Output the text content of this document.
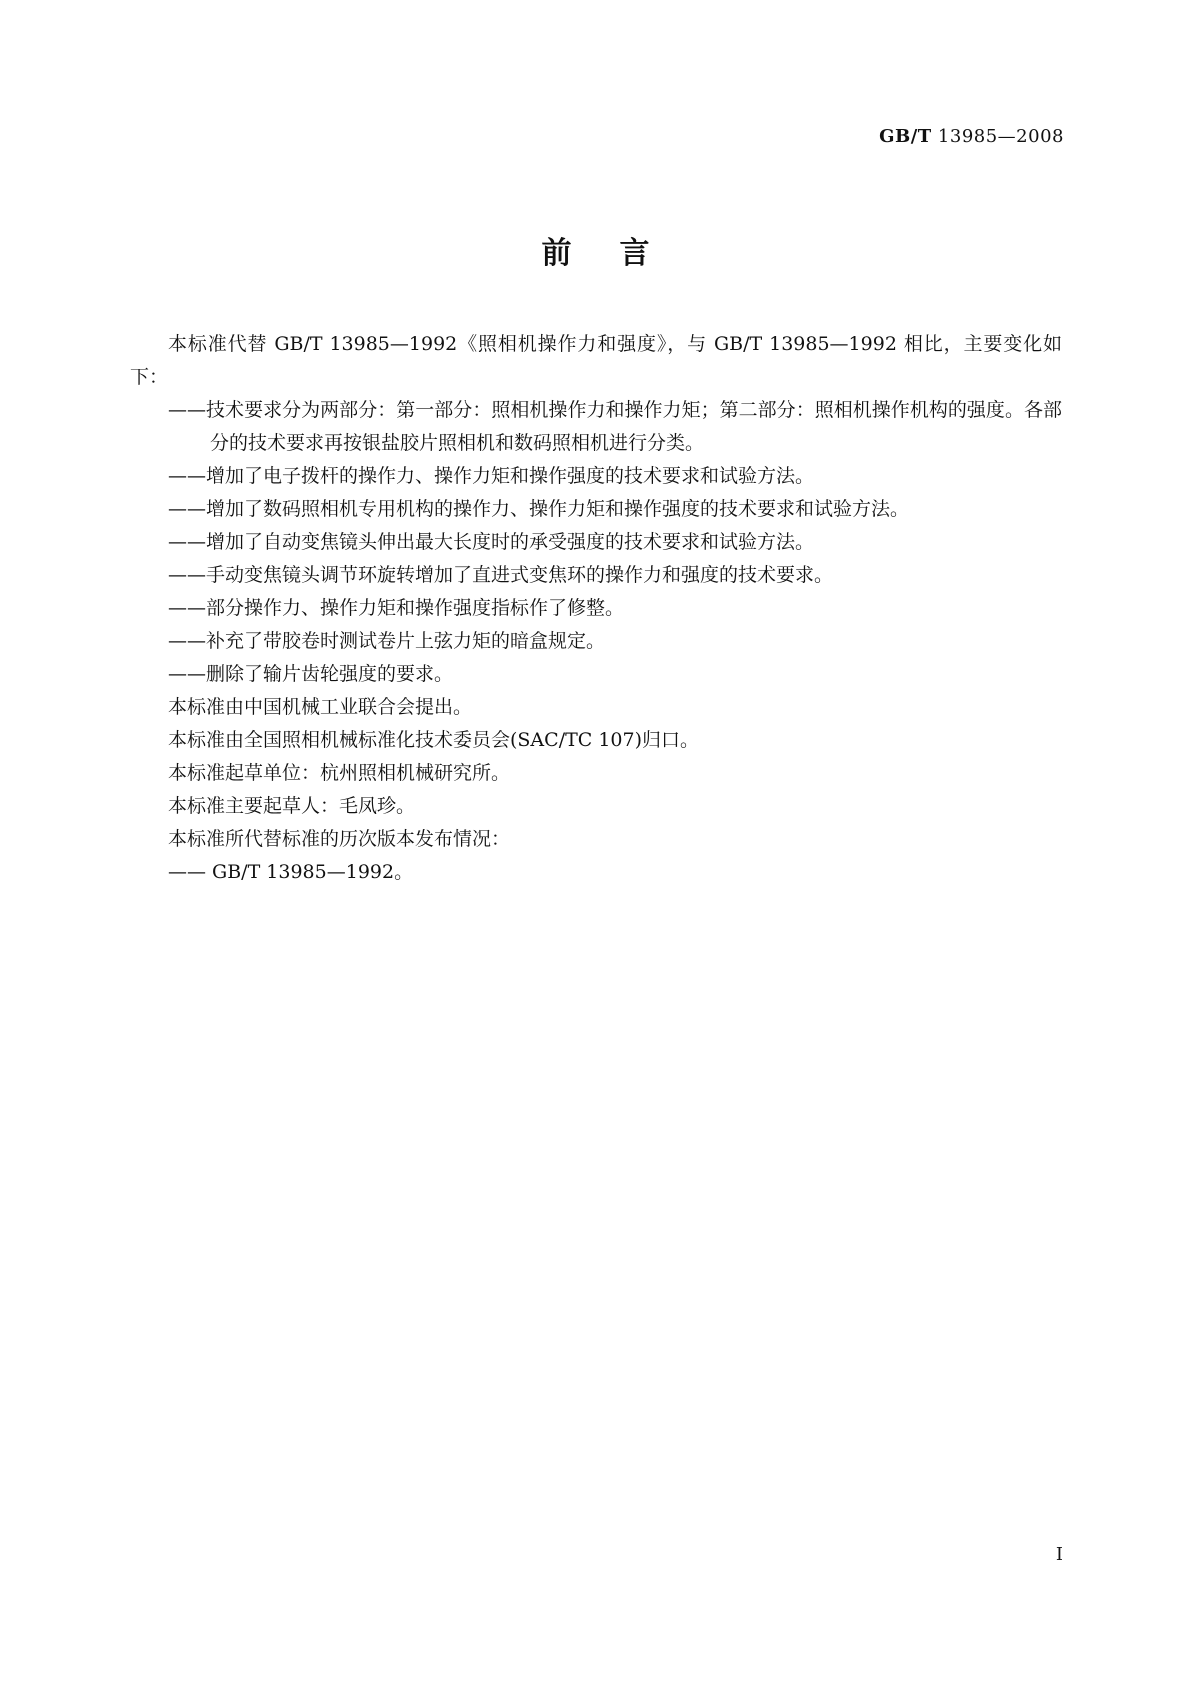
GB/T 13985—2008
前言

本标准代替 GB/T 13985—1992《照相机操作力和强度》，与 GB/T 13985—1992 相比，主要变化如下：

——技术要求分为两部分：第一部分：照相机操作力和操作力矩；第二部分：照相机操作机构的强度。各部分的技术要求再按银盐胶片照相机和数码照相机进行分类。

——增加了电子拨杆的操作力、操作力矩和操作强度的技术要求和试验方法。

——增加了数码照相机专用机构的操作力、操作力矩和操作强度的技术要求和试验方法。

——增加了自动变焦镜头伸出最大长度时的承受强度的技术要求和试验方法。

——手动变焦镜头调节环旋转增加了直进式变焦环的操作力和强度的技术要求。

——部分操作力、操作力矩和操作强度指标作了修整。

——补充了带胶卷时测试卷片上弦力矩的暗盒规定。

——删除了输片齿轮强度的要求。

本标准由中国机械工业联合会提出。

本标准由全国照相机械标准化技术委员会(SAC/TC 107)归口。

本标准起草单位：杭州照相机械研究所。

本标准主要起草人：毛凤珍。

本标准所代替标准的历次版本发布情况：

—— GB/T 13985—1992。

I
